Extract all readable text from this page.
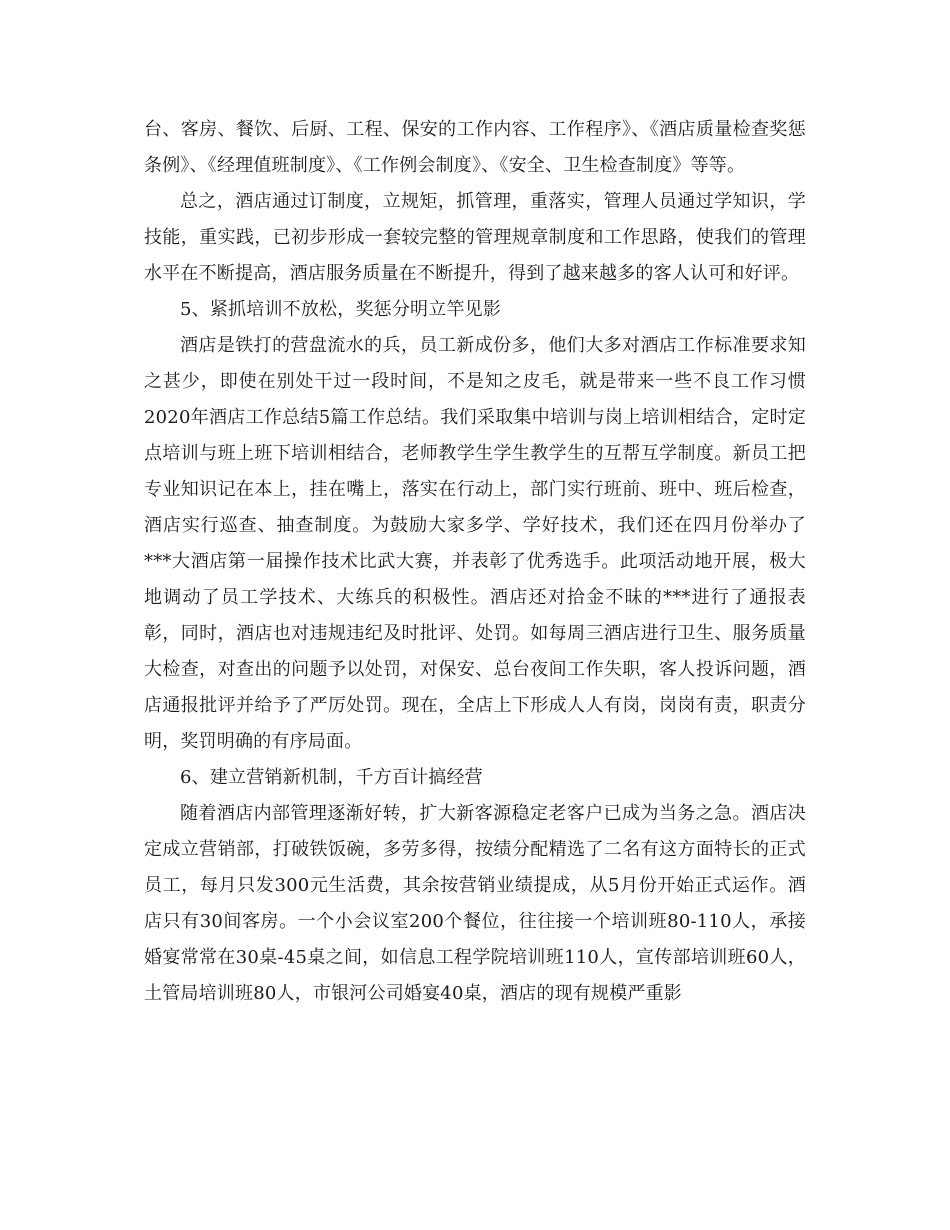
台、客房、餐饮、后厨、工程、保安的工作内容、工作程序》、《酒店质量检查奖惩条例》、《经理值班制度》、《工作例会制度》、《安全、卫生检查制度》等等。

总之，酒店通过订制度，立规矩，抓管理，重落实，管理人员通过学知识，学技能，重实践，已初步形成一套较完整的管理规章制度和工作思路，使我们的管理水平在不断提高，酒店服务质量在不断提升，得到了越来越多的客人认可和好评。

5、紧抓培训不放松，奖惩分明立竿见影

酒店是铁打的营盘流水的兵，员工新成份多，他们大多对酒店工作标准要求知之甚少，即使在别处干过一段时间，不是知之皮毛，就是带来一些不良工作习惯2020年酒店工作总结5篇工作总结。我们采取集中培训与岗上培训相结合，定时定点培训与班上班下培训相结合，老师教学生学生教学生的互帮互学制度。新员工把专业知识记在本上，挂在嘴上，落实在行动上，部门实行班前、班中、班后检查，酒店实行巡查、抽查制度。为鼓励大家多学、学好技术，我们还在四月份举办了***大酒店第一届操作技术比武大赛，并表彰了优秀选手。此项活动地开展，极大地调动了员工学技术、大练兵的积极性。酒店还对拾金不昧的***进行了通报表彰，同时，酒店也对违规违纪及时批评、处罚。如每周三酒店进行卫生、服务质量大检查，对查出的问题予以处罚，对保安、总台夜间工作失职，客人投诉问题，酒店通报批评并给予了严厉处罚。现在，全店上下形成人人有岗，岗岗有责，职责分明，奖罚明确的有序局面。

6、建立营销新机制，千方百计搞经营

随着酒店内部管理逐渐好转，扩大新客源稳定老客户已成为当务之急。酒店决定成立营销部，打破铁饭碗，多劳多得，按绩分配精选了二名有这方面特长的正式员工，每月只发300元生活费，其余按营销业绩提成，从5月份开始正式运作。酒店只有30间客房。一个小会议室200个餐位，往往接一个培训班80-110人，承接婚宴常常在30桌-45桌之间，如信息工程学院培训班110人，宣传部培训班60人，土管局培训班80人，市银河公司婚宴40桌，酒店的现有规模严重影
